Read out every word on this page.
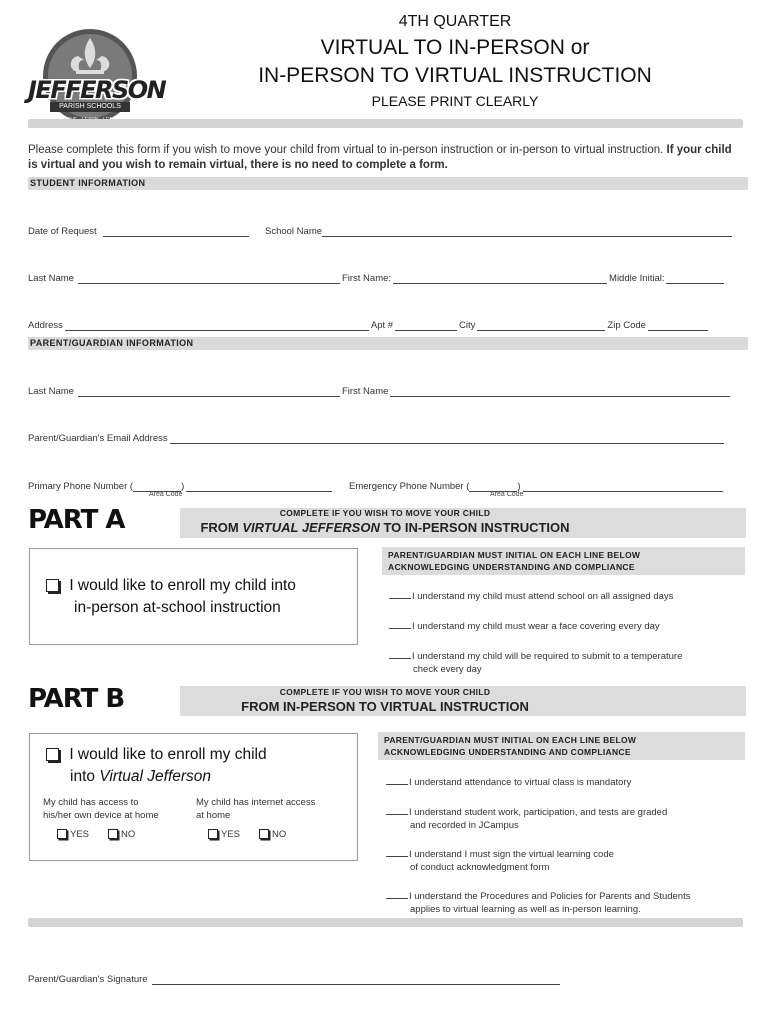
JEFFERSON
PARISH SCHOOLS
4TH QUARTER
VIRTUAL TO IN-PERSON or
IN-PERSON TO VIRTUAL INSTRUCTION
PLEASE PRINT CLEARLY
Please complete this form if you wish to move your child from virtual to in-person instruction or in-person to virtual instruction. If your child is virtual and you wish to remain virtual, there is no need to complete a form.
STUDENT INFORMATION
Date of Request	School Name
Last Name	First Name:	Middle Initial:
Address	Apt #	City	Zip Code
PARENT/GUARDIAN INFORMATION
Last Name	First Name
Parent/Guardian's Email Address
Primary Phone Number (	)
Area Code
Emergency Phone Number (	)
Area Code
PART A	COMPLETE IF YOU WISH TO MOVE YOUR CHILD
FROM VIRTUAL JEFFERSON TO IN-PERSON INSTRUCTION
I would like to enroll my child into
in-person at-school instruction
PARENT/GUARDIAN MUST INITIAL ON EACH LINE BELOW
ACKNOWLEDGING UNDERSTANDING AND COMPLIANCE
I understand my child must attend school on all assigned days
I understand my child must wear a face covering every day
I understand my child will be required to submit to a temperature
check every day
PART B	COMPLETE IF YOU WISH TO MOVE YOUR CHILD
FROM IN-PERSON TO VIRTUAL INSTRUCTION
I would like to enroll my child
into Virtual Jefferson
My child has access to
his/her own device at home
My child has internet access
at home
YES	NO	YES	NO
PARENT/GUARDIAN MUST INITIAL ON EACH LINE BELOW
ACKNOWLEDGING UNDERSTANDING AND COMPLIANCE
I understand attendance to virtual class is mandatory
I understand student work, participation, and tests are graded
and recorded in JCampus
I understand I must sign the virtual learning code
of conduct acknowledgment form
I understand the Procedures and Policies for Parents and Students
applies to virtual learning as well as in-person learning.
Parent/Guardian's Signature
